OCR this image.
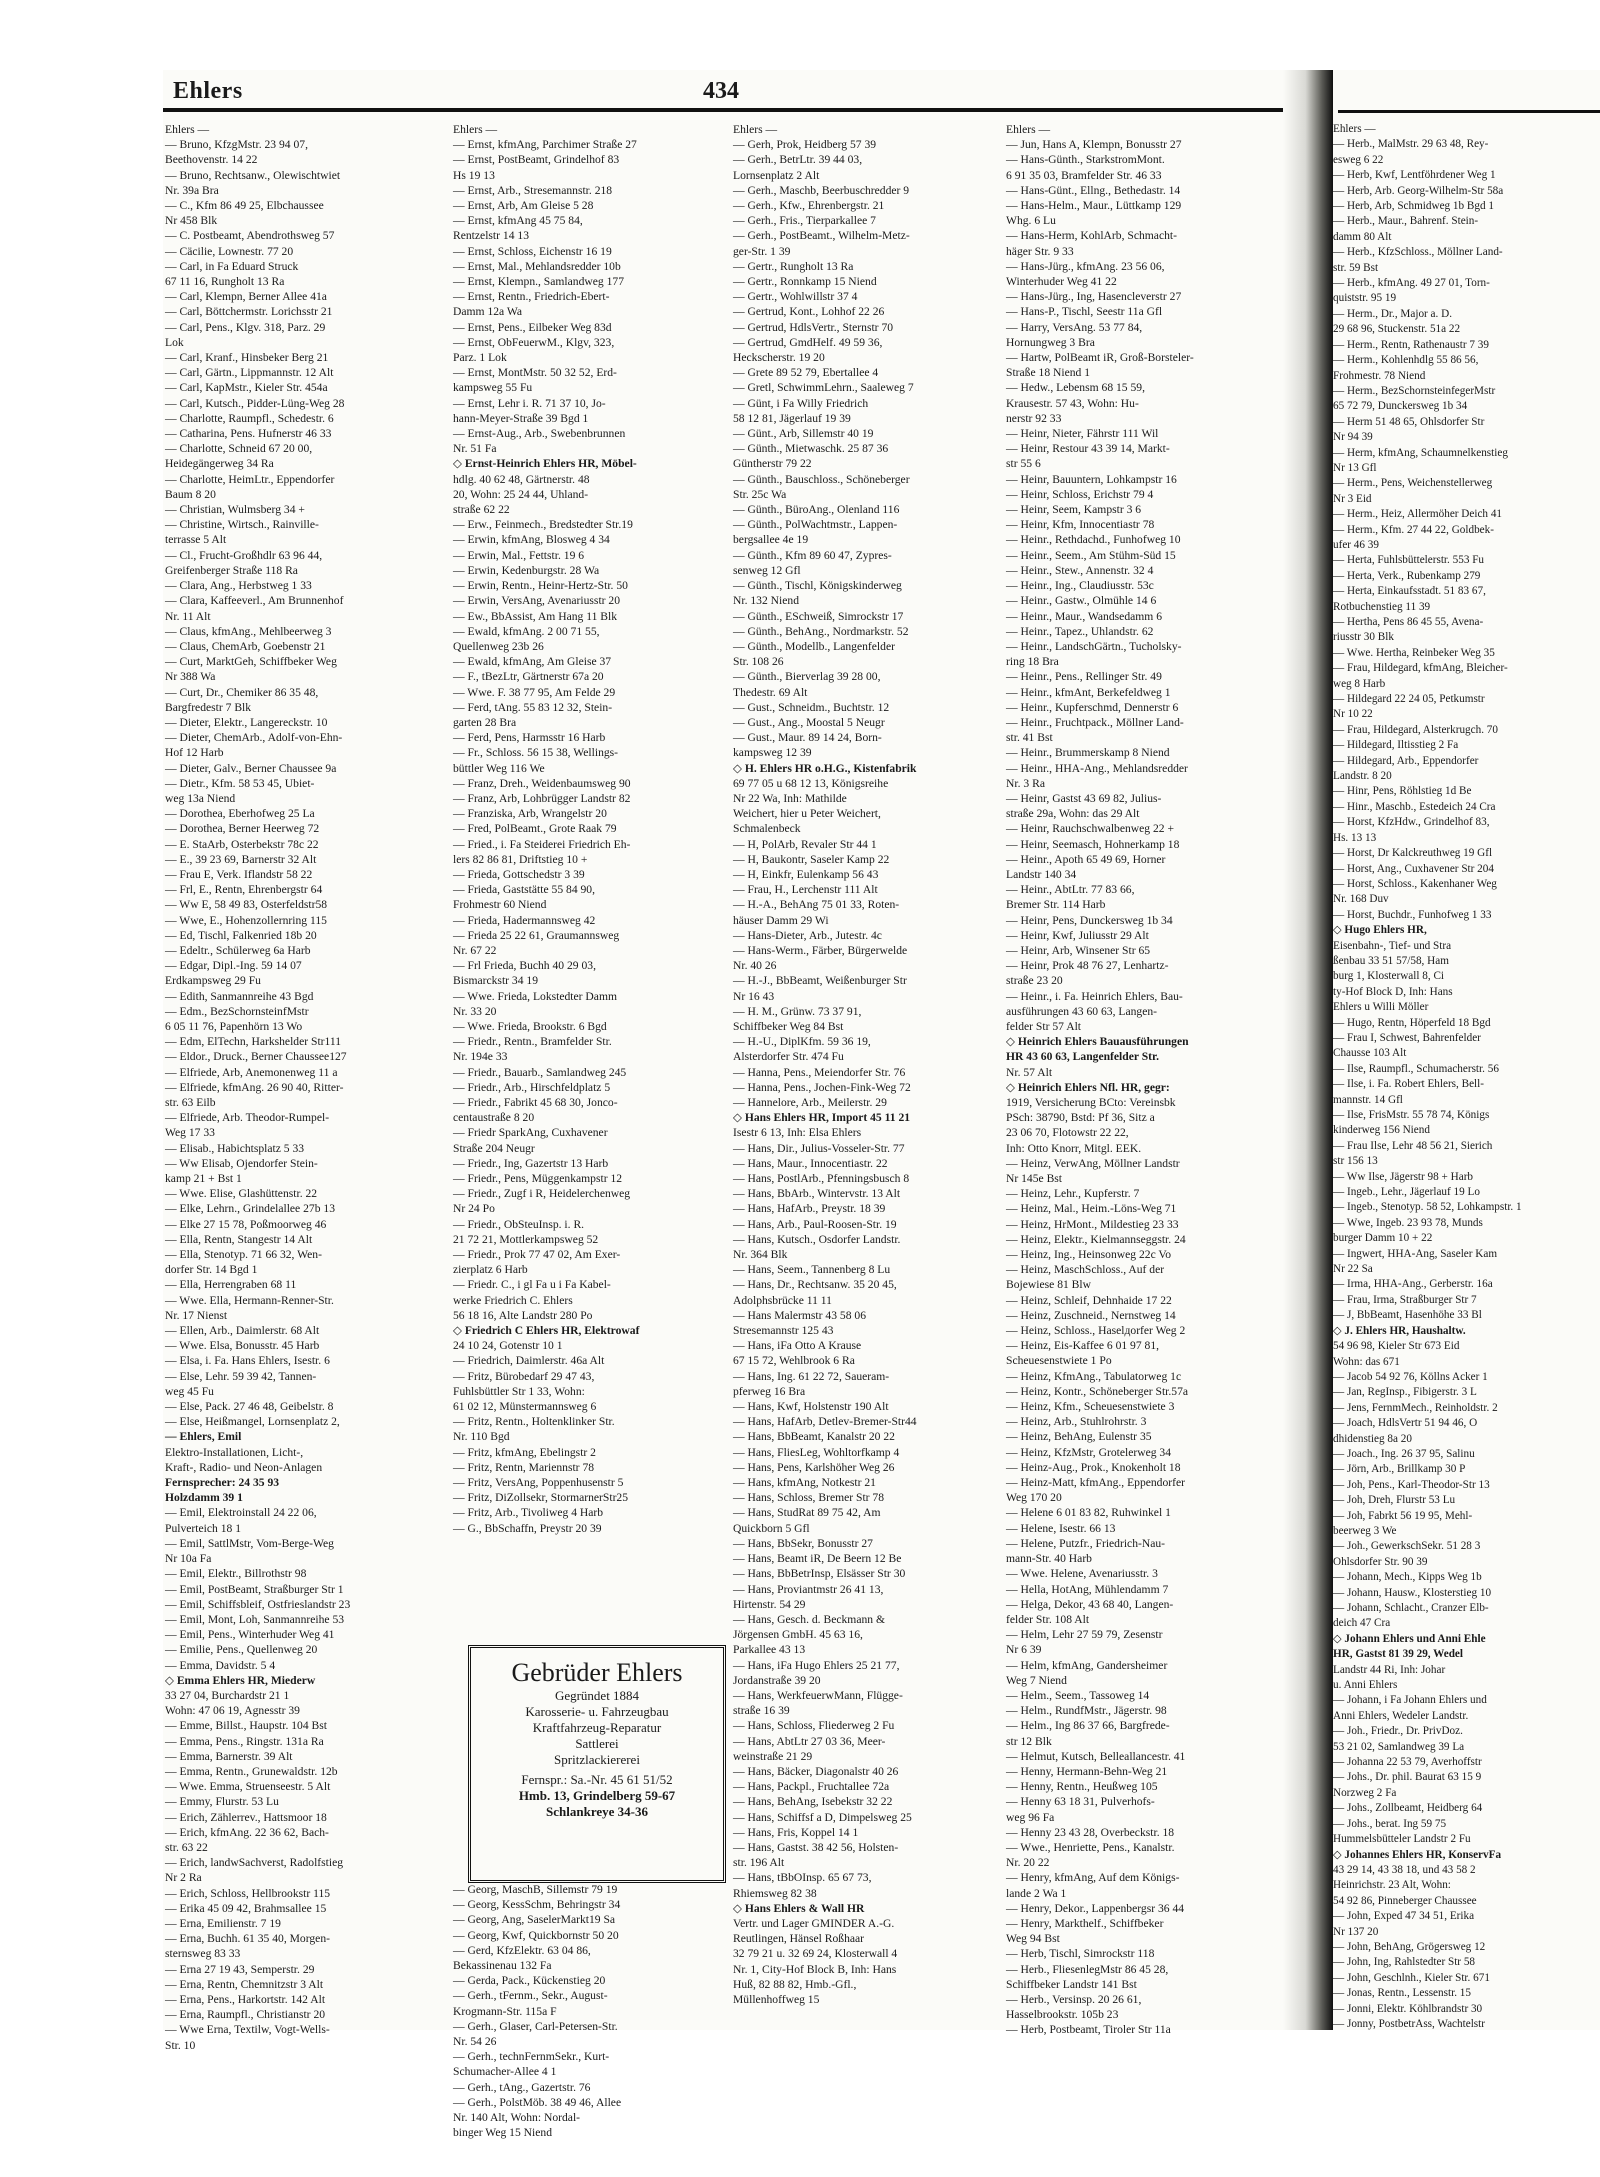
Ehlers	434
Ehlers —
— Bruno, KfzgMstr. 23 94 07,
Beethovenstr. 14 22
— Bruno, Rechtsanw., Olewischtwiet
Nr. 39a Bra
— C., Kfm 86 49 25, Elbchaussee
Nr 458 Blk
— C. Postbeamt, Abendrothsweg 57
— Cäcilie, Lownestr. 77 20
— Carl, in Fa Eduard Struck
67 11 16, Rungholt 13 Ra
— Carl, Klempn, Berner Allee 41a
— Carl, Böttchermstr. Lorichsstr 21
— Carl, Pens., Klgv. 318, Parz. 29
Lok
— Carl, Kranf., Hinsbeker Berg 21
— Carl, Gärtn., Lippmannstr. 12 Alt
— Carl, KapMstr., Kieler Str. 454a
— Carl, Kutsch., Pidder-Lüng-Weg 28
— Charlotte, Raumpfl., Schedestr. 6
— Catharina, Pens. Hufnerstr 46 33
— Charlotte, Schneid 67 20 00,
Heidegängerweg 34 Ra
— Charlotte, HeimLtr., Eppendorfer
Baum 8 20
— Christian, Wulmsberg 34 +
— Christine, Wirtsch., Rainville-
terrasse 5 Alt
— Cl., Frucht-Großhdlr 63 96 44,
Greifenberger Straße 118 Ra
— Clara, Ang., Herbstweg 1 33
— Clara, Kaffeeverl., Am Brunnenhof
Nr. 11 Alt
— Claus, kfmAng., Mehlbeerweg 3
— Claus, ChemArb, Goebenstr 21
— Curt, MarktGeh, Schiffbeker Weg
Nr 388 Wa
— Curt, Dr., Chemiker 86 35 48,
Bargfredestr 7 Blk
— Dieter, Elektr., Langereckstr. 10
— Dieter, ChemArb., Adolf-von-Ehn-
Hof 12 Harb
— Dieter, Galv., Berner Chaussee 9a
— Dietr., Kfm. 58 53 45, Ubiet-
weg 13a Niend
— Dorothea, Eberhofweg 25 La
— Dorothea, Berner Heerweg 72
— E. StaArb, Osterbekstr 78c 22
— E., 39 23 69, Barnerstr 32 Alt
— Frau E, Verk. Iflandstr 58 22
— Frl, E., Rentn, Ehrenbergstr 64
— Ww E, 58 49 83, Osterfeldstr58
— Wwe, E., Hohenzollernring 115
— Ed, Tischl, Falkenried 18b 20
— Edeltr., Schülerweg 6a Harb
— Edgar, Dipl.-Ing. 59 14 07
Erdkampsweg 29 Fu
— Edith, Sanmannreihe 43 Bgd
— Edm., BezSchornsteinfMstr
6 05 11 76, Papenhörn 13 Wo
— Edm, ElTechn, Harkshelder Str111
— Eldor., Druck., Berner Chaussee127
— Elfriede, Arb, Anemonenweg 11 a
— Elfriede, kfmAng. 26 90 40, Ritter-
str. 63 Eilb
— Elfriede, Arb. Theodor-Rumpel-
Weg 17 33
— Elisab., Habichtsplatz 5 33
— Ww Elisab, Ojendorfer Stein-
kamp 21 + Bst 1
— Wwe. Elise, Glashüttenstr. 22
— Elke, Lehrn., Grindelallee 27b 13
— Elke 27 15 78, Poßmoorweg 46
— Ella, Rentn, Stangestr 14 Alt
— Ella, Stenotyp. 71 66 32, Wen-
dorfer Str. 14 Bgd 1
— Ella, Herrengraben 68 11
— Wwe. Ella, Hermann-Renner-Str.
Nr. 17 Nienst
— Ellen, Arb., Daimlerstr. 68 Alt
— Wwe. Elsa, Bonusstr. 45 Harb
— Elsa, i. Fa. Hans Ehlers, Isestr. 6
— Else, Lehr. 59 39 42, Tannen-
weg 45 Fu
— Else, Pack. 27 46 48, Geibelstr. 8
— Else, Heißmangel, Lornsenplatz 2,
— Ehlers, Emil
Elektro-Installationen, Licht-,
Kraft-, Radio- und Neon-Anlagen
Fernsprecher: 24 35 93
Holzdamm 39 1
— Emil, Elektroinstall 24 22 06,
Pulverteich 18 1
— Emil, SattlMstr, Vom-Berge-Weg
Nr 10a Fa
— Emil, Elektr., Billrothstr 98
— Emil, PostBeamt, Straßburger Str 1
— Emil, Schiffsbleif, Ostfrieslandstr 23
— Emil, Mont, Loh, Sanmannreihe 53
— Emil, Pens., Winterhuder Weg 41
— Emilie, Pens., Quellenweg 20
— Emma, Davidstr. 5 4
◇ Emma Ehlers HR, Miederw
33 27 04, Burchardstr 21 1
Wohn: 47 06 19, Agnesstr 39
— Emme, Billst., Haupstr. 104 Bst
— Emma, Pens., Ringstr. 131a Ra
— Emma, Barnerstr. 39 Alt
— Emma, Rentn., Grunewaldstr. 12b
— Wwe. Emma, Struenseestr. 5 Alt
— Emmy, Flurstr. 53 Lu
— Erich, Zählerrev., Hattsmoor 18
— Erich, kfmAng. 22 36 62, Bach-
str. 63 22
— Erich, landwSachverst, Radolfstieg
Nr 2 Ra
— Erich, Schloss, Hellbrookstr 115
— Erika 45 09 42, Brahmsallee 15
— Erna, Emilienstr. 7 19
— Erna, Buchh. 61 35 40, Morgen-
sternsweg 83 33
— Erna 27 19 43, Semperstr. 29
— Erna, Rentn, Chemnitzstr 3 Alt
— Erna, Pens., Harkortstr. 142 Alt
— Erna, Raumpfl., Christianstr 20
— Wwe Erna, Textilw, Vogt-Wells-
Str. 10
Ehlers —
— Ernst, kfmAng, Parchimer Straße 27
— Ernst, PostBeamt, Grindelhof 83
Hs 19 13
— Ernst, Arb., Stresemannstr. 218
— Ernst, Arb, Am Gleise 5 28
— Ernst, kfmAng 45 75 84,
Rentzelstr 14 13
— Ernst, Schloss, Eichenstr 16 19
— Ernst, Mal., Mehlandsredder 10b
— Ernst, Klempn., Samlandweg 177
— Ernst, Rentn., Friedrich-Ebert-
Damm 12a Wa
— Ernst, Pens., Eilbeker Weg 83d
— Ernst, ObFeuerwM., Klgv, 323,
Parz. 1 Lok
— Ernst, MontMstr. 50 32 52, Erd-
kampsweg 55 Fu
— Ernst, Lehr i. R. 71 37 10, Jo-
hann-Meyer-Straße 39 Bgd 1
— Ernst-Aug., Arb., Swebenbrunnen
Nr. 51 Fa
◇ Ernst-Heinrich Ehlers HR, Möbel-
hdlg. 40 62 48, Gärtnerstr. 48
20, Wohn: 25 24 44, Uhland-
straße 62 22
— Erw., Feinmech., Bredstedter Str.19
— Erwin, kfmAng, Blosweg 4 34
— Erwin, Mal., Fettstr. 19 6
— Erwin, Kedenburgstr. 28 Wa
— Erwin, Rentn., Heinr-Hertz-Str. 50
— Erwin, VersAng, Avenariusstr 20
— Ew., BbAssist, Am Hang 11 Blk
— Ewald, kfmAng. 2 00 71 55,
Quellenweg 23b 26
— Ewald, kfmAng, Am Gleise 37
— F., tBezLtr, Gärtnerstr 67a 20
— Wwe. F. 38 77 95, Am Felde 29
— Ferd, tAng. 55 83 12 32, Stein-
garten 28 Bra
— Ferd, Pens, Harmsstr 16 Harb
— Fr., Schloss. 56 15 38, Wellings-
büttler Weg 116 We
— Franz, Dreh., Weidenbaumsweg 90
— Franz, Arb, Lohbrügger Landstr 82
— Franziska, Arb, Wrangelstr 20
— Fred, PolBeamt., Grote Raak 79
— Fried., i. Fa Steiderei Friedrich Eh-
lers 82 86 81, Driftstieg 10 +
— Frieda, Gottschedstr 3 39
— Frieda, Gaststätte 55 84 90,
Frohmestr 60 Niend
— Frieda, Hadermannsweg 42
— Frieda 25 22 61, Graumannsweg
Nr. 67 22
— Frl Frieda, Buchh 40 29 03,
Bismarckstr 34 19
— Wwe. Frieda, Lokstedter Damm
Nr. 33 20
— Wwe. Frieda, Brookstr. 6 Bgd
— Friedr., Rentn., Bramfelder Str.
Nr. 194e 33
— Friedr., Bauarb., Samlandweg 245
— Friedr., Arb., Hirschfeldplatz 5
— Friedr., Fabrikt 45 68 30, Jonco-
centaustraße 8 20
— Friedr SparkAng, Cuxhavener
Straße 204 Neugr
— Friedr., Ing, Gazertstr 13 Harb
— Friedr., Pens, Müggenkampstr 12
— Friedr., Zugf i R, Heidelerchenweg
Nr 24 Po
— Friedr., ObSteuInsp. i. R.
21 72 21, Mottlerkampsweg 52
— Friedr., Prok 77 47 02, Am Exer-
zierplatz 6 Harb
— Friedr. C., i gl Fa u i Fa Kabel-
werke Friedrich C. Ehlers
56 18 16, Alte Landstr 280 Po
◇ Friedrich C Ehlers HR, Elektrowaf
24 10 24, Gotenstr 10 1
— Friedrich, Daimlerstr. 46a Alt
— Fritz, Bürobedarf 29 47 43,
Fuhlsbüttler Str 1 33, Wohn:
61 02 12, Münstermannsweg 6
— Fritz, Rentn., Holtenklinker Str.
Nr. 110 Bgd
— Fritz, kfmAng, Ebelingstr 2
— Fritz, Rentn, Mariennstr 78
— Fritz, VersAng, Poppenhusenstr 5
— Fritz, DiZollsekr, StormarnerStr25
— Fritz, Arb., Tivoliweg 4 Harb
— G., BbSchaffn, Preystr 20 39
Ehlers —
— Gerh, Prok, Heidberg 57 39
— Gerh., BetrLtr. 39 44 03,
Lornsenplatz 2 Alt
— Gerh., Maschb, Beerbuschredder 9
— Gerh., Kfw., Ehrenbergstr. 21
— Gerh., Fris., Tierparkallee 7
— Gerh., PostBeamt., Wilhelm-Metz-
ger-Str. 1 39
— Gertr., Rungholt 13 Ra
— Gertr., Ronnkamp 15 Niend
— Gertr., Wohlwillstr 37 4
— Gertrud, Kont., Lohhof 22 26
— Gertrud, HdlsVertr., Sternstr 70
— Gertrud, GmdHelf. 49 59 36,
Heckscherstr. 19 20
— Grete 89 52 79, Ebertallee 4
— Gretl, SchwimmLehrn., Saaleweg 7
— Günt, i Fa Willy Friedrich
58 12 81, Jägerlauf 19 39
— Günt., Arb, Sillemstr 40 19
— Günth., Mietwaschk. 25 87 36
Güntherstr 79 22
— Günth., Bauschloss., Schöneberger
Str. 25c Wa
— Günth., BüroAng., Olenland 116
— Günth., PolWachtmstr., Lappen-
bergsallee 4e 19
— Günth., Kfm 89 60 47, Zypres-
senweg 12 Gfl
— Günth., Tischl, Königskinderweg
Nr. 132 Niend
— Günth., ESchweiß, Simrockstr 17
— Günth., BehAng., Nordmarkstr. 52
— Günth., Modellb., Langenfelder
Str. 108 26
— Günth., Bierverlag 39 28 00,
Thedestr. 69 Alt
— Gust., Schneidm., Buchtstr. 12
— Gust., Ang., Moostal 5 Neugr
— Gust., Maur. 89 14 24, Born-
kampsweg 12 39
◇ H. Ehlers HR o.H.G., Kistenfabrik
69 77 05 u 68 12 13, Königsreihe
Nr 22 Wa, Inh: Mathilde
Weichert, hier u Peter Weichert,
Schmalenbeck
— H, PolArb, Revaler Str 44 1
— H, Baukontr, Saseler Kamp 22
— H, Einkfr, Eulenkamp 56 43
— Frau, H., Lerchenstr 111 Alt
— H.-A., BehAng 75 01 33, Roten-
häuser Damm 29 Wi
— Hans-Dieter, Arb., Jutestr. 4c
— Hans-Werm., Färber, Bürgerwelde
Nr. 40 26
— H.-J., BbBeamt, Weißenburger Str
Nr 16 43
— H. M., Grünw. 73 37 91,
Schiffbeker Weg 84 Bst
— H.-U., DiplKfm. 59 36 19,
Alsterdorfer Str. 474 Fu
— Hanna, Pens., Meiendorfer Str. 76
— Hanna, Pens., Jochen-Fink-Weg 72
— Hannelore, Arb., Meilerstr. 29
◇ Hans Ehlers HR, Import 45 11 21
Isestr 6 13, Inh: Elsa Ehlers
— Hans, Dir., Julius-Vosseler-Str. 77
— Hans, Maur., Innocentiastr. 22
— Hans, PostlArb., Pfenningsbusch 8
— Hans, BbArb., Wintervstr. 13 Alt
— Hans, HafArb., Preystr. 18 39
— Hans, Arb., Paul-Roosen-Str. 19
— Hans, Kutsch., Osdorfer Landstr.
Nr. 364 Blk
— Hans, Seem., Tannenberg 8 Lu
— Hans, Dr., Rechtsanw. 35 20 45,
Adolphsbrücke 11 11
— Hans Malermstr 43 58 06
Stresemannstr 125 43
— Hans, iFa Otto A Krause
67 15 72, Wehlbrook 6 Ra
— Hans, Ing. 61 22 72, Saueram-
pferweg 16 Bra
— Hans, Kwf, Holstenstr 190 Alt
— Hans, HafArb, Detlev-Bremer-Str44
— Hans, BbBeamt, Kanalstr 20 22
— Hans, FliesLeg, Wohltorfkamp 4
— Hans, Pens, Karlshöher Weg 26
— Hans, kfmAng, Notkestr 21
— Hans, Schloss, Bremer Str 78
— Hans, StudRat 89 75 42, Am
Quickborn 5 Gfl
— Hans, BbSekr, Bonusstr 27
— Hans, Beamt iR, De Beern 12 Be
— Hans, BbBetrInsp, Elsässer Str 30
— Hans, Proviantmstr 26 41 13,
Hirtenstr. 54 29
— Hans, Gesch. d. Beckmann &
Jörgensen GmbH. 45 63 16,
Parkallee 43 13
— Hans, iFa Hugo Ehlers 25 21 77,
Jordanstraße 39 20
— Hans, WerkfeuerwMann, Flügge-
straße 16 39
— Hans, Schloss, Fliederweg 2 Fu
— Hans, AbtLtr 27 03 36, Meer-
weinstraße 21 29
— Hans, Bäcker, Diagonalstr 40 26
— Hans, Packpl., Fruchtallee 72a
— Hans, BehAng, Isebekstr 32 22
— Hans, Schiffsf a D, Dimpelsweg 25
— Hans, Fris, Koppel 14 1
— Hans, Gastst. 38 42 56, Holsten-
str. 196 Alt
— Hans, tBbOInsp. 65 67 73,
Rhiemsweg 82 38
◇ Hans Ehlers & Wall HR
Vertr. und Lager GMINDER A.-G.
Reutlingen, Hänsel Roßhaar
32 79 21 u. 32 69 24, Klosterwall 4
Nr. 1, City-Hof Block B, Inh: Hans
Huß, 82 88 82, Hmb.-Gfl.,
Müllenhoffweg 15
Ehlers —
— Jun, Hans A, Klempn, Bonusstr 27
— Hans-Günth., StarkstromMont.
6 91 35 03, Bramfelder Str. 46 33
— Hans-Günt., Ellng., Bethedastr. 14
— Hans-Helm., Maur., Lüttkamp 129
Whg. 6 Lu
— Hans-Herm, KohlArb, Schmacht-
häger Str. 9 33
— Hans-Jürg., kfmAng. 23 56 06,
Winterhuder Weg 41 22
— Hans-Jürg., Ing, Hasencleverstr 27
— Hans-P., Tischl, Seestr 11a Gfl
— Harry, VersAng. 53 77 84,
Hornungweg 3 Bra
— Hartw, PolBeamt iR, Groß-Borsteler-
Straße 18 Niend 1
— Hedw., Lebensm 68 15 59,
Krausestr. 57 43, Wohn: Hu-
nerstr 92 33
— Heinr, Nieter, Fährstr 111 Wil
— Heinr, Restour 43 39 14, Markt-
str 55 6
— Heinr, Bauuntern, Lohkampstr 16
— Heinr, Schloss, Erichstr 79 4
— Heinr, Seem, Kampstr 3 6
— Heinr, Kfm, Innocentiastr 78
— Heinr., Rethdachd., Funhofweg 10
— Heinr., Seem., Am Stühm-Süd 15
— Heinr., Stew., Annenstr. 32 4
— Heinr., Ing., Claudiusstr. 53c
— Heinr., Gastw., Olmühle 14 6
— Heinr., Maur., Wandsedamm 6
— Heinr., Tapez., Uhlandstr. 62
— Heinr., LandschGärtn., Tucholsky-
ring 18 Bra
— Heinr., Pens., Rellinger Str. 49
— Heinr., kfmAnt, Berkefeldweg 1
— Heinr., Kupferschmd, Dennerstr 6
— Heinr., Fruchtpack., Möllner Land-
str. 41 Bst
— Heinr., Brummerskamp 8 Niend
— Heinr., HHA-Ang., Mehlandsredder
Nr. 3 Ra
— Heinr, Gastst 43 69 82, Julius-
straße 29a, Wohn: das 29 Alt
— Heinr, Rauchschwalbenweg 22 +
— Heinr, Seemasch, Hohnerkamp 18
— Heinr., Apoth 65 49 69, Horner
Landstr 140 34
— Heinr., AbtLtr. 77 83 66,
Bremer Str. 114 Harb
— Heinr, Pens, Dunckersweg 1b 34
— Heinr, Kwf, Juliusstr 29 Alt
— Heinr, Arb, Winsener Str 65
— Heinr, Prok 48 76 27, Lenhartz-
straße 23 20
— Heinr., i. Fa. Heinrich Ehlers, Bau-
ausführungen 43 60 63, Langen-
felder Str 57 Alt
◇ Heinrich Ehlers Bauausführungen
HR 43 60 63, Langenfelder Str.
Nr. 57 Alt
◇ Heinrich Ehlers Nfl. HR, gegr:
1919, Versicherung BCto: Vereinsbk
PSch: 38790, Bstd: Pf 36, Sitz a
23 06 70, Flotowstr 22 22,
Inh: Otto Knorr, Mitgl. EEK.
— Heinz, VerwAng, Möllner Landstr
Nr 145e Bst
— Heinz, Lehr., Kupferstr. 7
— Heinz, Mal., Heim.-Löns-Weg 71
— Heinz, HrMont., Mildestieg 23 33
— Heinz, Elektr., Kielmannseggstr. 24
— Heinz, Ing., Heinsonweg 22c Vo
— Heinz, MaschSchloss., Auf der
Bojewiese 81 Blw
— Heinz, Schleif, Dehnhaide 17 22
— Heinz, Zuschneid., Nernstweg 14
— Heinz, Schloss., Haselдorfer Weg 2
— Heinz, Eis-Kaffee 6 01 97 81,
Scheuesenstwiete 1 Po
— Heinz, KfmAng., Tabulatorweg 1c
— Heinz, Kontr., Schöneberger Str.57a
— Heinz, Kfm., Scheuesenstwiete 3
— Heinz, Arb., Stuhlrohrstr. 3
— Heinz, BehAng, Eulenstr 35
— Heinz, KfzMstr, Grotelerweg 34
— Heinz-Aug., Prok., Knokenholt 18
— Heinz-Matt, kfmAng., Eppendorfer
Weg 170 20
— Helene 6 01 83 82, Ruhwinkel 1
— Helene, Isestr. 66 13
— Helene, Putzfr., Friedrich-Nau-
mann-Str. 40 Harb
— Wwe. Helene, Avenariusstr. 3
— Hella, HotAng, Mühlendamm 7
— Helga, Dekor, 43 68 40, Langen-
felder Str. 108 Alt
— Helm, Lehr 27 59 79, Zesenstr
Nr 6 39
— Helm, kfmAng, Gandersheimer
Weg 7 Niend
— Helm., Seem., Tassoweg 14
— Helm., RundfMstr., Jägerstr. 98
— Helm., Ing 86 37 66, Bargfrede-
str 12 Blk
— Helmut, Kutsch, Belleallancestr. 41
— Henny, Hermann-Behn-Weg 21
— Henny, Rentn., Heußweg 105
— Henny 63 18 31, Pulverhofs-
weg 96 Fa
— Henny 23 43 28, Overbeckstr. 18
— Wwe., Henriette, Pens., Kanalstr.
Nr. 20 22
— Henry, kfmAng, Auf dem Königs-
lande 2 Wa 1
— Henry, Dekor., Lappenbergsr 36 44
— Henry, Markthelf., Schiffbeker
Weg 94 Bst
— Herb, Tischl, Simrockstr 118
— Herb., FliesenlegMstr 86 45 28,
Schiffbeker Landstr 141 Bst
— Herb., Versinsp. 20 26 61,
Hasselbrookstr. 105b 23
— Herb, Postbeamt, Tiroler Str 11a
Gebrüder Ehlers
Gegründet 1884
Karosserie- u. Fahrzeugbau
Kraftfahrzeug-Reparatur
Sattlerei
Spritzlackiererei
Fernspr.: Sa.-Nr. 45 61 51/52
Hmb. 13, Grindelberg 59-67
Schlankreye 34-36
— Georg, MaschB, Sillemstr 79 19
— Georg, KessSchm, Behringstr 34
— Georg, Ang, SaselerMarkt19 Sa
— Georg, Kwf, Quickbornstr 50 20
— Gerd, KfzElektr. 63 04 86,
Bekassinenau 132 Fa
— Gerda, Pack., Kückenstieg 20
— Gerh., tFernm., Sekr., August-
Krogmann-Str. 115a F
— Gerh., Glaser, Carl-Petersen-Str.
Nr. 54 26
— Gerh., technFernmSekr., Kurt-
Schumacher-Allee 4 1
— Gerh., tAng., Gazertstr. 76
— Gerh., PolstMöb. 38 49 46, Allee
Nr. 140 Alt, Wohn: Nordal-
binger Weg 15 Niend
Ehlers —
— Herb., MalMstr. 29 63 48, Rey-
esweg 6 22
— Herb, Kwf, Lentföhrdener Weg 1
— Herb, Arb. Georg-Wilhelm-Str 58a
— Herb, Arb, Schmidweg 1b Bgd 1
— Herb., Maur., Bahrenf. Stein-
damm 80 Alt
— Herb., KfzSchloss., Möllner Land-
str. 59 Bst
— Herb., kfmAng. 49 27 01, Torn-
quiststr. 95 19
— Herm., Dr., Major a. D.
29 68 96, Stuckenstr. 51a 22
— Herm., Rentn, Rathenaustr 7 39
— Herm., Kohlenhdlg 55 86 56,
Frohmestr. 78 Niend
— Herm., BezSchornsteinfegerMstr
65 72 79, Dunckersweg 1b 34
— Herm 51 48 65, Ohlsdorfer Str
Nr 94 39
— Herm, kfmAng, Schaumnelkenstieg
Nr 13 Gfl
— Herm., Pens, Weichenstellerweg
Nr 3 Eid
— Herm., Heiz, Allermöher Deich 41
— Herm., Kfm. 27 44 22, Goldbek-
ufer 46 39
— Herta, Fuhlsbüttelerstr. 553 Fu
— Herta, Verk., Rubenkamp 279
— Herta, Einkaufsstadt. 51 83 67,
Rotbuchenstieg 11 39
— Hertha, Pens 86 45 55, Avena-
riusstr 30 Blk
— Wwe. Hertha, Reinbeker Weg 35
— Frau, Hildegard, kfmAng, Bleicher-
weg 8 Harb
— Hildegard 22 24 05, Petkumstr
Nr 10 22
— Frau, Hildegard, Alsterkrugch. 70
— Hildegard, Iltisstieg 2 Fa
— Hildegard, Arb., Eppendorfer
Landstr. 8 20
— Hinr, Pens, Röhlstieg 1d Be
— Hinr., Maschb., Estedeich 24 Cra
— Horst, KfzHdw., Grindelhof 83,
Hs. 13 13
— Horst, Dr Kalckreuthweg 19 Gfl
— Horst, Ang., Cuxhavener Str 204
— Horst, Schloss., Kakenhaner Weg
Nr. 168 Duv
— Horst, Buchdr., Funhofweg 1 33
◇ Hugo Ehlers HR,
Eisenbahn-, Tief- und Stra
ßenbau 33 51 57/58, Ham
burg 1, Klosterwall 8, Ci
ty-Hof Block D, Inh: Hans
Ehlers u Willi Möller
— Hugo, Rentn, Höperfeld 18 Bgd
— Frau I, Schwest, Bahrenfelder
Chausse 103 Alt
— Ilse, Raumpfl., Schumacherstr. 56
— Ilse, i. Fa. Robert Ehlers, Bell-
mannstr. 14 Gfl
— Ilse, FrisMstr. 55 78 74, Königs
kinderweg 156 Niend
— Frau Ilse, Lehr 48 56 21, Sierich
str 156 13
— Ww Ilse, Jägerstr 98 + Harb
— Ingeb., Lehr., Jägerlauf 19 Lo
— Ingeb., Stenotyp. 58 52, Lohkampstr. 1
— Wwe, Ingeb. 23 93 78, Munds
burger Damm 10 + 22
— Ingwert, HHA-Ang, Saseler Kam
Nr 22 Sa
— Irma, HHA-Ang., Gerberstr. 16a
— Frau, Irma, Straßburger Str 7
— J, BbBeamt, Hasenhöhe 33 Bl
◇ J. Ehlers HR, Haushaltw.
54 96 98, Kieler Str 673 Eid
Wohn: das 671
— Jacob 54 92 76, Köllns Acker 1
— Jan, RegInsp., Fibigerstr. 3 L
— Jens, FernmMech., Reinholdstr. 2
— Joach, HdlsVertr 51 94 46, O
dhidenstieg 8a 20
— Joach., Ing. 26 37 95, Salinu
— Jörn, Arb., Brillkamp 30 P
— Joh, Pens., Karl-Theodor-Str 13
— Joh, Dreh, Flurstr 53 Lu
— Joh, Fabrkt 56 19 95, Mehl-
beerweg 3 We
— Joh., GewerkschSekr. 51 28 3
Ohlsdorfer Str. 90 39
— Johann, Mech., Kipps Weg 1b
— Johann, Hausw., Klosterstieg 10
— Johann, Schlacht., Cranzer Elb-
deich 47 Cra
◇ Johann Ehlers und Anni Ehle
HR, Gastst 81 39 29, Wedel
Landstr 44 Ri, Inh: Johar
u. Anni Ehlers
— Johann, i Fa Johann Ehlers und
Anni Ehlers, Wedeler Landstr.
— Joh., Friedr., Dr. PrivDoz.
53 21 02, Samlandweg 39 La
— Johanna 22 53 79, Averhoffstr
— Johs., Dr. phil. Baurat 63 15 9
Norzweg 2 Fa
— Johs., Zollbeamt, Heidberg 64
— Johs., berat. Ing 59 75
Hummelsbütteler Landstr 2 Fu
◇ Johannes Ehlers HR, KonservFa
43 29 14, 43 38 18, und 43 58 2
Heinrichstr. 23 Alt, Wohn:
54 92 86, Pinneberger Chaussee
— John, Exped 47 34 51, Erika
Nr 137 20
— John, BehAng, Grögersweg 12
— John, Ing, Rahlstedter Str 58
— John, Geschlnh., Kieler Str. 671
— Jonas, Rentn., Lessenstr. 15
— Jonni, Elektr. Köhlbrandstr 30
— Jonny, PostbetrAss, Wachtelstr
